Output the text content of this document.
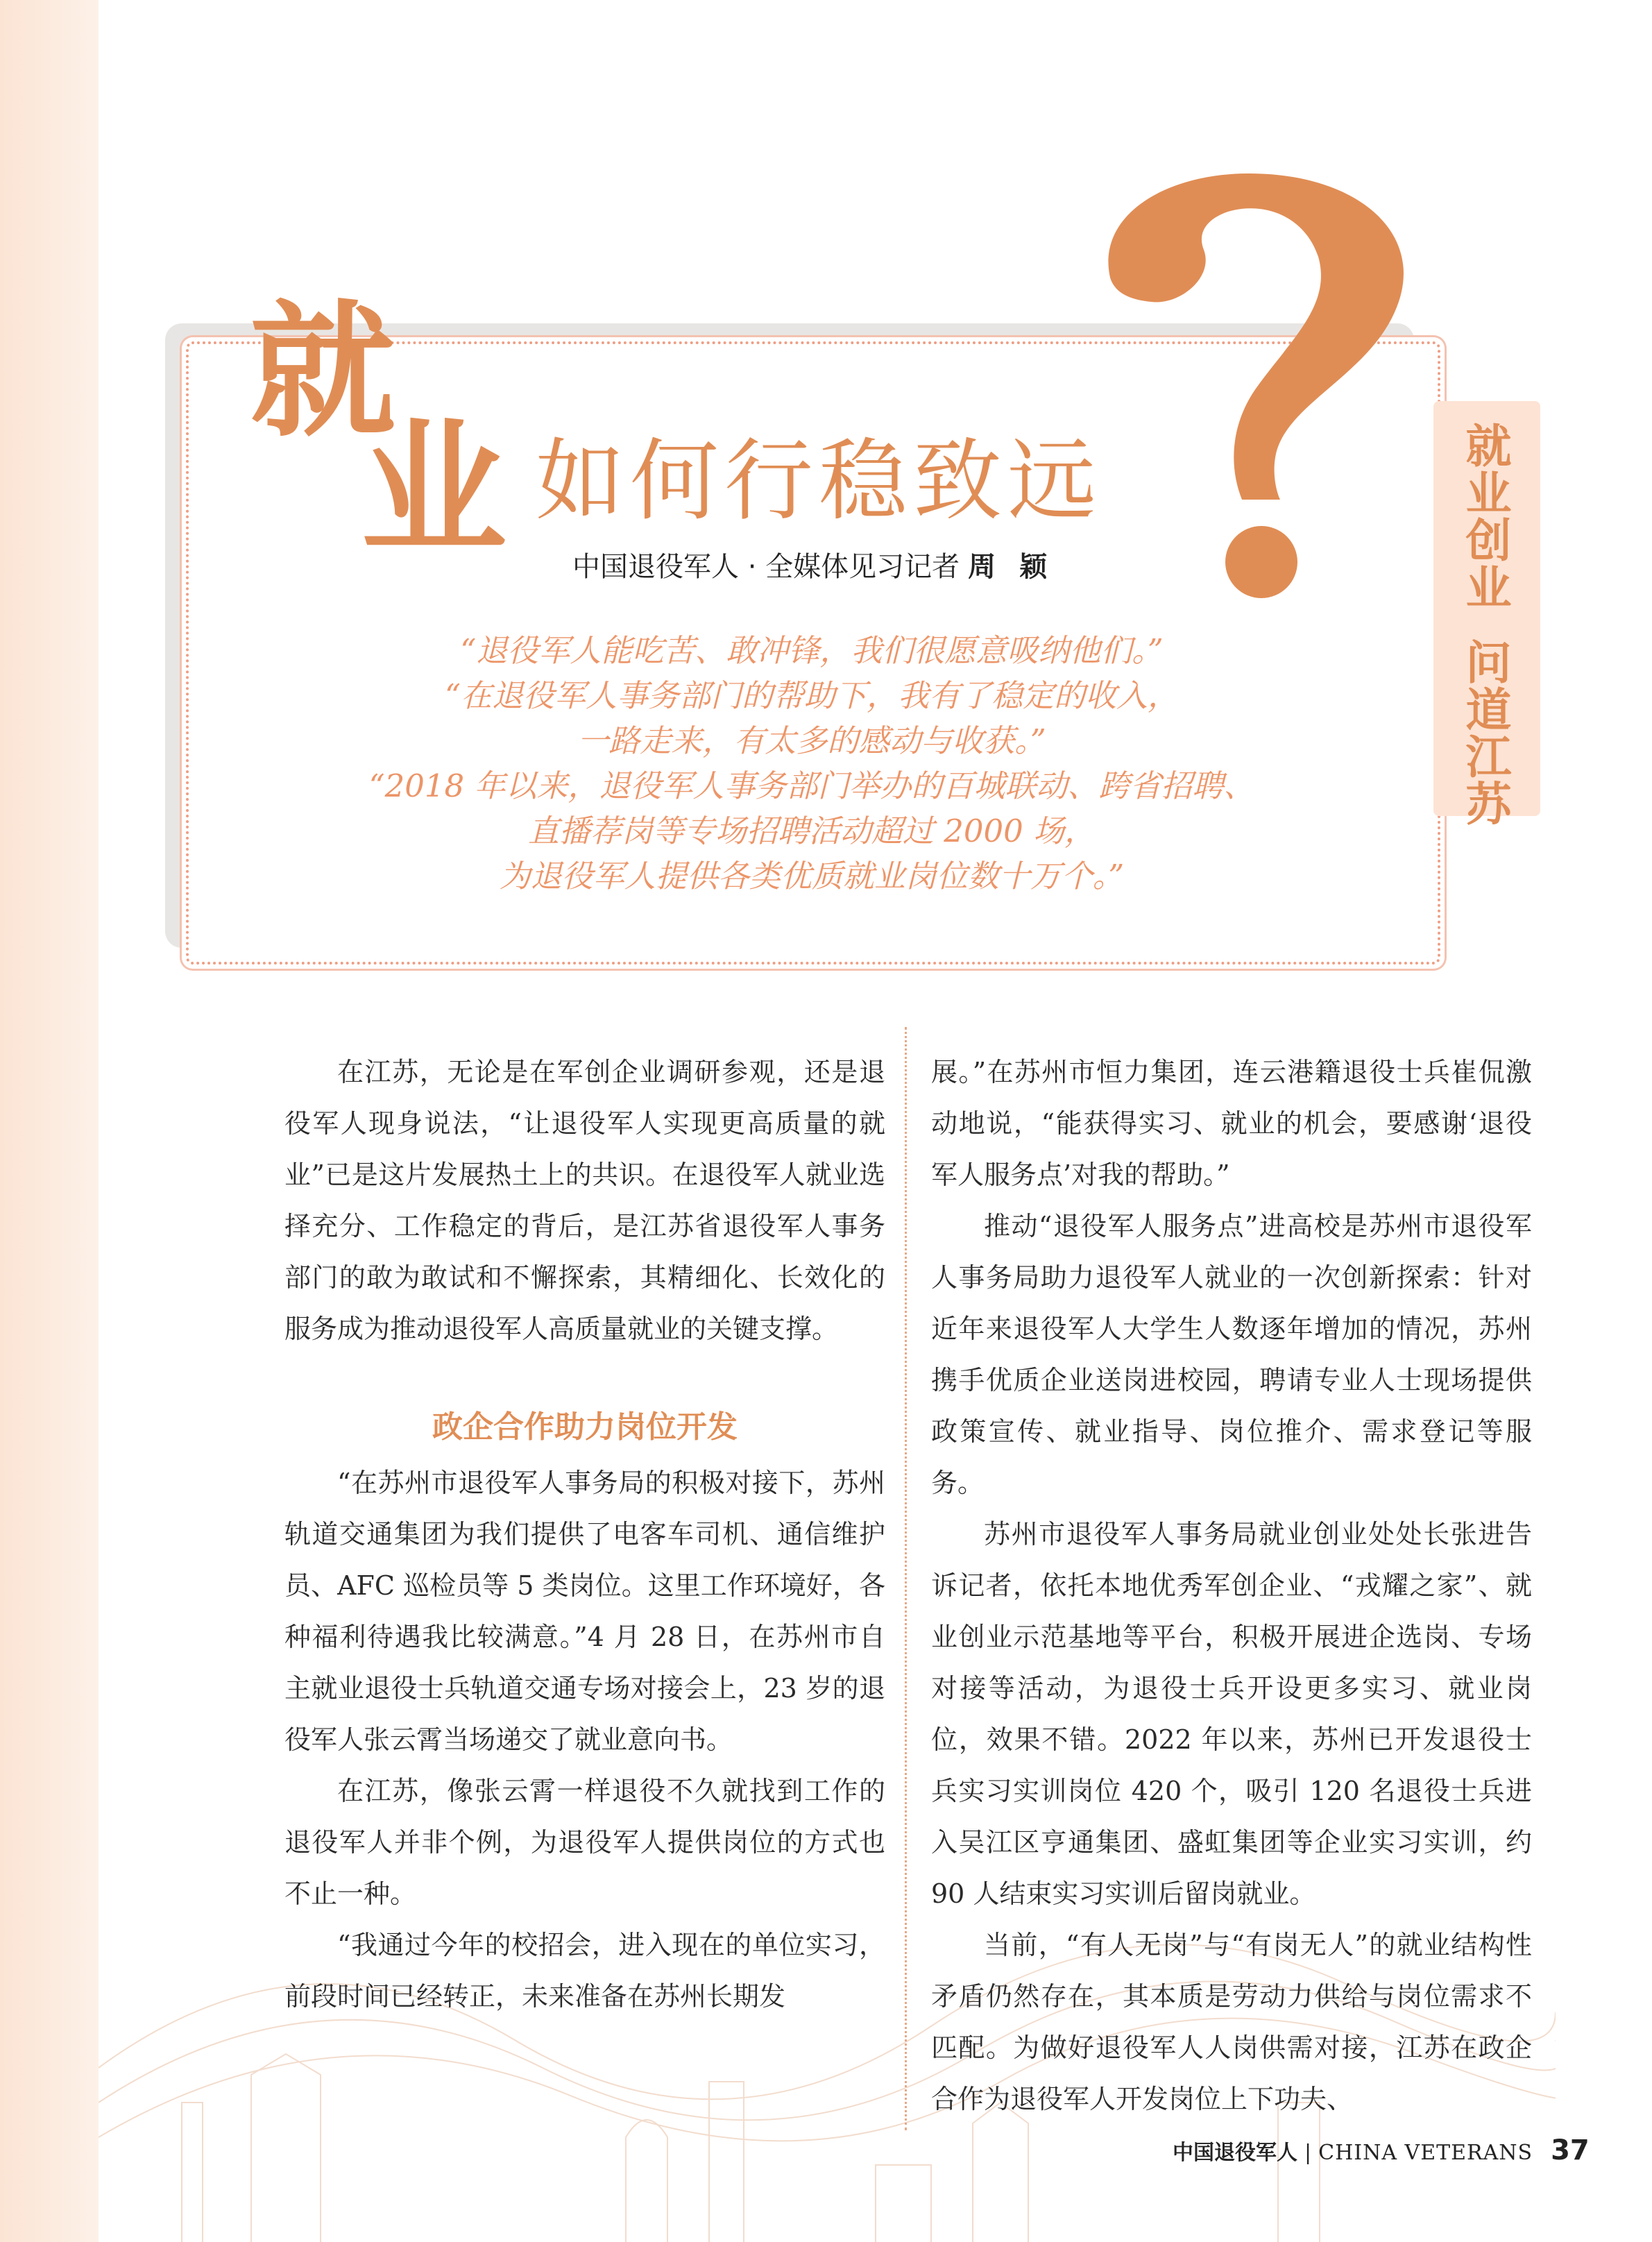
就
业 如何行稳致远
中国退役军人 · 全媒体见习记者 周 颖
“退役军人能吃苦、敢冲锋，我们很愿意吸纳他们。”
“在退役军人事务部门的帮助下，我有了稳定的收入，
一路走来，有太多的感动与收获。”
“2018 年以来，退役军人事务部门举办的百城联动、跨省招聘、
直播荐岗等专场招聘活动超过 2000 场，
为退役军人提供各类优质就业岗位数十万个。”
就业创业问道江苏

在江苏，无论是在军创企业调研参观，还是退役军人现身说法，“让退役军人实现更高质量的就业”已是这片发展热土上的共识。在退役军人就业选择充分、工作稳定的背后，是江苏省退役军人事务部门的敢为敢试和不懈探索，其精细化、长效化的服务成为推动退役军人高质量就业的关键支撑。

政企合作助力岗位开发

“在苏州市退役军人事务局的积极对接下，苏州轨道交通集团为我们提供了电客车司机、通信维护员、AFC 巡检员等 5 类岗位。这里工作环境好，各种福利待遇我比较满意。”4 月 28 日，在苏州市自主就业退役士兵轨道交通专场对接会上，23 岁的退役军人张云霄当场递交了就业意向书。

在江苏，像张云霄一样退役不久就找到工作的退役军人并非个例，为退役军人提供岗位的方式也不止一种。

“我通过今年的校招会，进入现在的单位实习，前段时间已经转正，未来准备在苏州长期发

展。”在苏州市恒力集团，连云港籍退役士兵崔侃激动地说，“能获得实习、就业的机会，要感谢‘退役军人服务点’对我的帮助。”

推动“退役军人服务点”进高校是苏州市退役军人事务局助力退役军人就业的一次创新探索：针对近年来退役军人大学生人数逐年增加的情况，苏州携手优质企业送岗进校园，聘请专业人士现场提供政策宣传、就业指导、岗位推介、需求登记等服务。

苏州市退役军人事务局就业创业处处长张进告诉记者，依托本地优秀军创企业、“戎耀之家”、就业创业示范基地等平台，积极开展进企选岗、专场对接等活动，为退役士兵开设更多实习、就业岗位，效果不错。2022 年以来，苏州已开发退役士兵实习实训岗位 420 个，吸引 120 名退役士兵进入吴江区亨通集团、盛虹集团等企业实习实训，约 90 人结束实习实训后留岗就业。

当前，“有人无岗”与“有岗无人”的就业结构性矛盾仍然存在，其本质是劳动力供给与岗位需求不匹配。为做好退役军人人岗供需对接，江苏在政企合作为退役军人开发岗位上下功夫、

中国退役军人 | CHINA VETERANS 37
